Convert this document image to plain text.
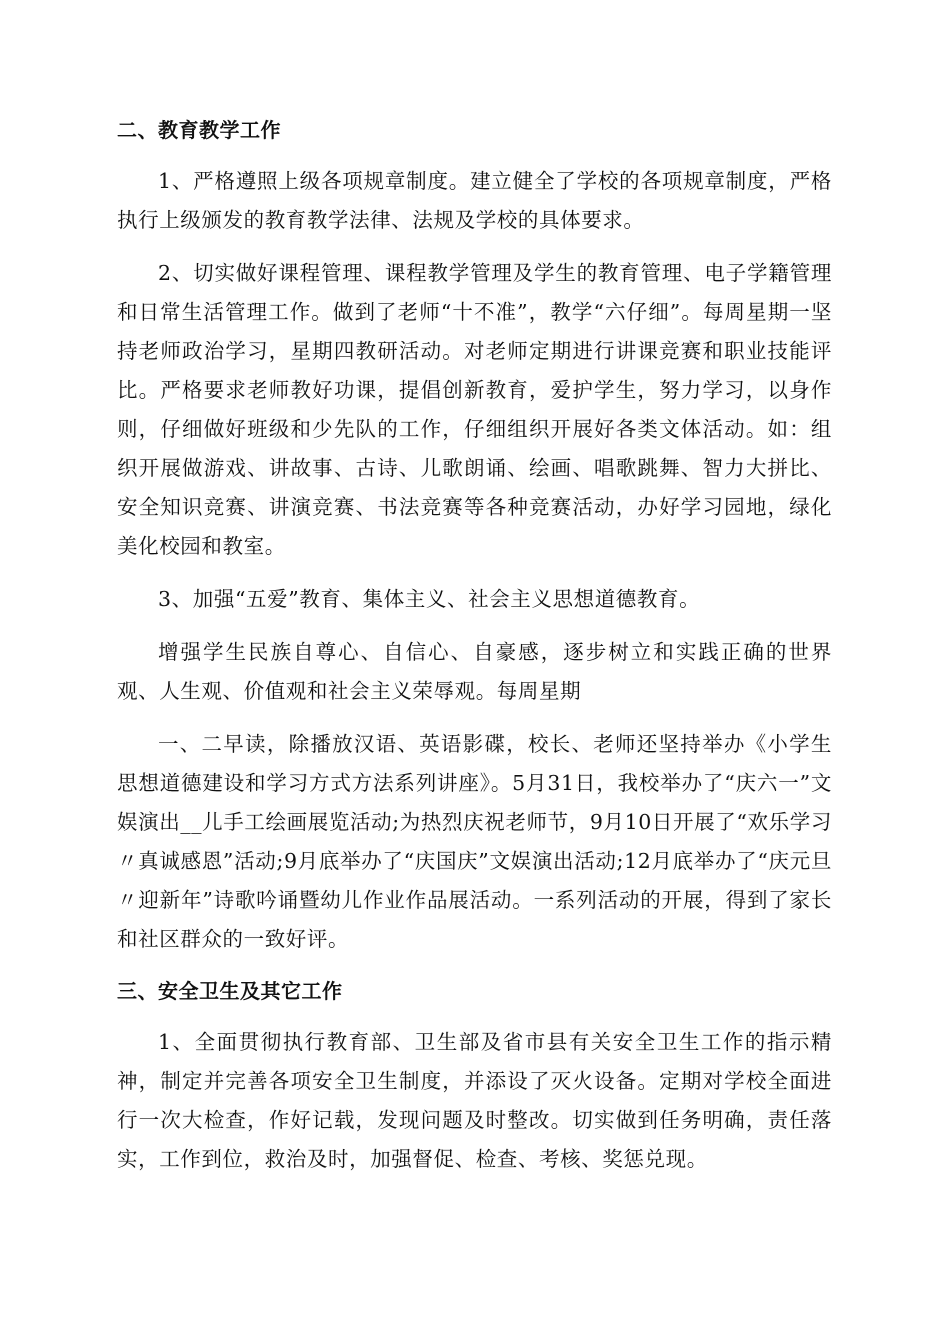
二、教育教学工作

1、严格遵照上级各项规章制度。建立健全了学校的各项规章制度，严格执行上级颁发的教育教学法律、法规及学校的具体要求。

2、切实做好课程管理、课程教学管理及学生的教育管理、电子学籍管理和日常生活管理工作。做到了老师“十不准”，教学“六仔细”。每周星期一坚持老师政治学习，星期四教研活动。对老师定期进行讲课竞赛和职业技能评比。严格要求老师教好功课，提倡创新教育，爱护学生，努力学习，以身作则，仔细做好班级和少先队的工作，仔细组织开展好各类文体活动。如：组织开展做游戏、讲故事、古诗、儿歌朗诵、绘画、唱歌跳舞、智力大拼比、安全知识竞赛、讲演竞赛、书法竞赛等各种竞赛活动，办好学习园地，绿化美化校园和教室。

3、加强“五爱”教育、集体主义、社会主义思想道德教育。

增强学生民族自尊心、自信心、自豪感，逐步树立和实践正确的世界观、人生观、价值观和社会主义荣辱观。每周星期

一、二早读，除播放汉语、英语影碟，校长、老师还坚持举办《小学生思想道德建设和学习方式方法系列讲座》。5月31日，我校举办了“庆六一”文娱演出__儿手工绘画展览活动;为热烈庆祝老师节，9月10日开展了“欢乐学习〃真诚感恩”活动;9月底举办了“庆国庆”文娱演出活动;12月底举办了“庆元旦〃迎新年”诗歌吟诵暨幼儿作业作品展活动。一系列活动的开展，得到了家长和社区群众的一致好评。

三、安全卫生及其它工作

1、全面贯彻执行教育部、卫生部及省市县有关安全卫生工作的指示精神，制定并完善各项安全卫生制度，并添设了灭火设备。定期对学校全面进行一次大检查，作好记载，发现问题及时整改。切实做到任务明确，责任落实，工作到位，救治及时，加强督促、检查、考核、奖惩兑现。
